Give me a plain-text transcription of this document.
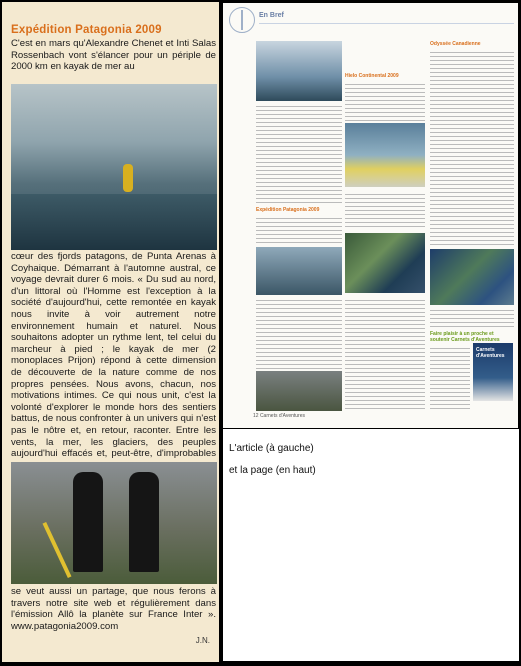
Expédition Patagonia 2009
C'est en mars qu'Alexandre Chenet et Inti Salas Rossenbach vont s'élancer pour un périple de 2000 km en kayak de mer au
cœur des fjords patagons, de Punta Arenas à Coyhaique. Démarrant à l'automne austral, ce voyage devrait durer 6 mois. « Du sud au nord, d'un littoral où l'Homme est l'exception à la société d'aujourd'hui, cette remontée en kayak nous invite à voir autrement notre environnement humain et naturel. Nous souhaitons adopter un rythme lent, tel celui du marcheur à pied ; le kayak de mer (2 monoplaces Prijon) répond à cette dimension de découverte de la nature comme de nos propres pensées. Nous avons, chacun, nos motivations intimes. Ce qui nous unit, c'est la volonté d'explorer le monde hors des sentiers battus, de nous confronter à un univers qui n'est pas le nôtre et, en retour, raconter. Entre les vents, la mer, les glaciers, des peuples aujourd'hui effacés et, peut-être, d'improbables
se veut aussi un partage, que nous ferons à travers notre site web et régulièrement dans l'émission Allô la planète sur France Inter ». www.patagonia2009.com
J.N.
En Bref
Hielo Continental 2009
Expédition Patagonia 2009
Odyssée Canadienne
Faire plaisir à un proche et soutenir Carnets d'Aventures
Carnets d'Aventures
12 Carnets d'Aventures

L'article (à gauche)

et la page (en haut)
